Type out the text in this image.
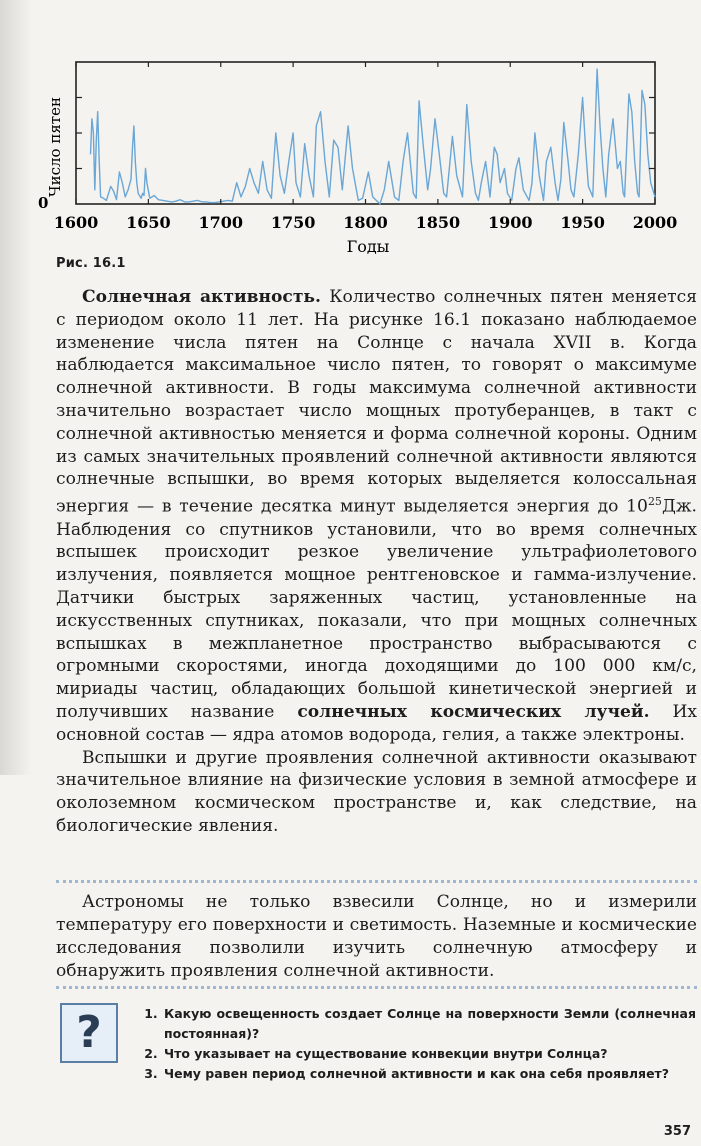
1600 1650 1700 1750 1800 1850 1900 1950 2000
Число пятен
0
Годы
Рис. 16.1

Солнечная активность. Количество солнечных пятен меняется с периодом около 11 лет. На рисунке 16.1 показано наблюдаемое изменение числа пятен на Солнце с начала XVII в. Когда наблюдается максимальное число пятен, то говорят о максимуме солнечной активности. В годы максимума солнечной активности значительно возрастает число мощных протуберанцев, в такт с солнечной активностью меняется и форма солнечной короны. Одним из самых значительных проявлений солнечной активности являются солнечные вспышки, во время которых выделяется колоссальная энергия — в течение десятка минут выделяется энергия до $10^{25}Дж$. Наблюдения со спутников установили, что во время солнечных вспышек происходит резкое увеличение ультрафиолетового излучения, появляется мощное рентгеновское и гамма-излучение. Датчики быстрых заряженных частиц, установленные на искусственных спутниках, показали, что при мощных солнечных вспышках в межпланетное пространство выбрасываются с огромными скоростями, иногда доходящими до 100 000 км/с, мириады частиц, обладающих большой кинетической энергией и получивших название солнечных космических лучей. Их основной состав — ядра атомов водорода, гелия, а также электроны.

Вспышки и другие проявления солнечной активности оказывают значительное влияние на физические условия в земной атмосфере и околоземном космическом пространстве и, как следствие, на биологические явления.

Астрономы не только взвесили Солнце, но и измерили температуру его поверхности и светимость. Наземные и космические исследования позволили изучить солнечную атмосферу и обнаружить проявления солнечной активности.

?
1.	Какую освещенность создает Солнце на поверхности Земли (солнечная постоянная)?
2. Что указывает на существование конвекции внутри Солнца?
3. Чему равен период солнечной активности и как она себя проявляет?
357
